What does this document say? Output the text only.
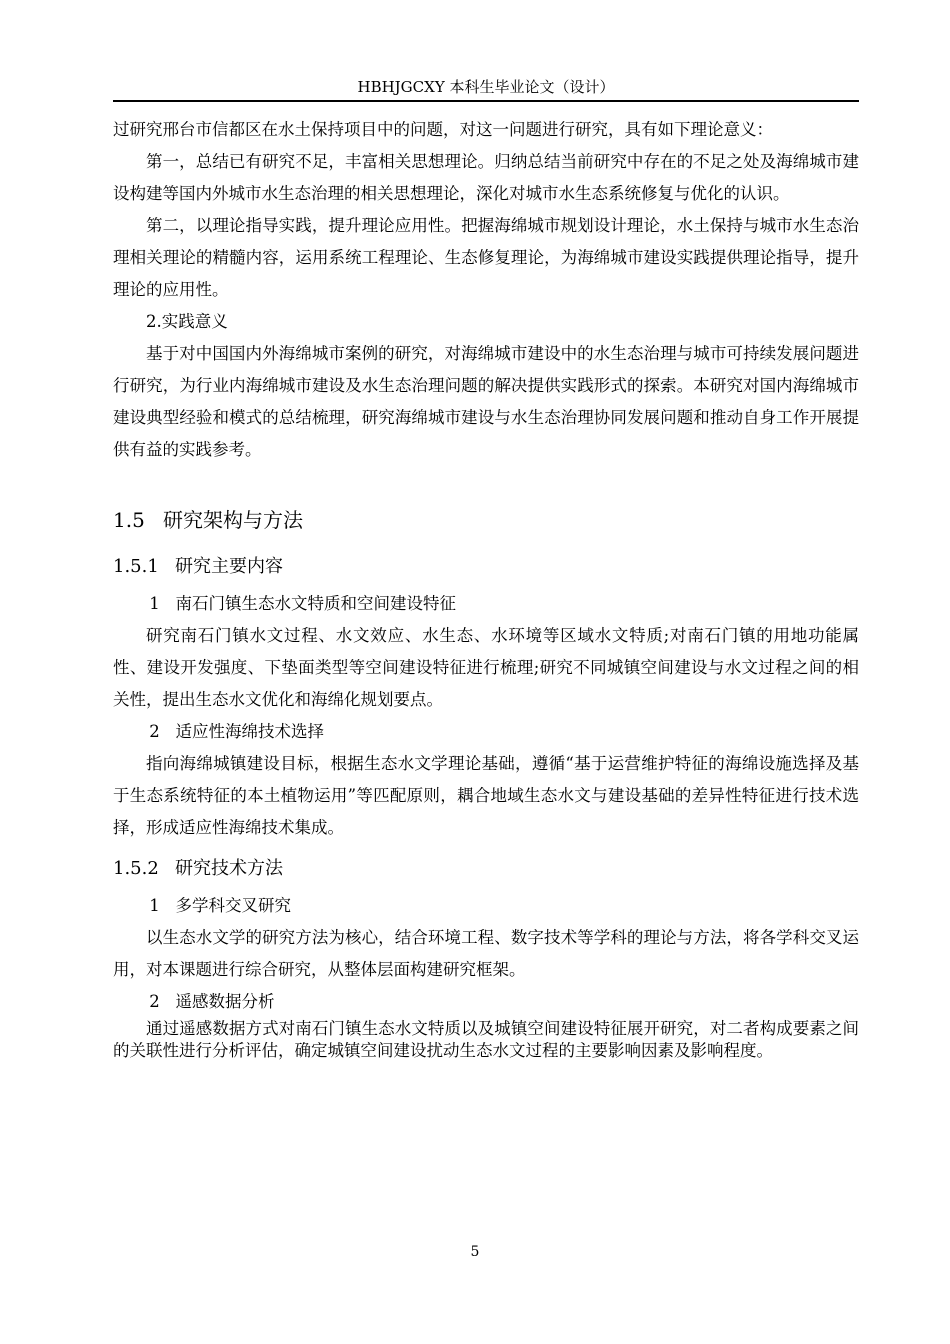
HBHJGCXY 本科生毕业论文（设计）

过研究邢台市信都区在水土保持项目中的问题，对这一问题进行研究，具有如下理论意义：

第一，总结已有研究不足，丰富相关思想理论。归纳总结当前研究中存在的不足之处及海绵城市建设构建等国内外城市水生态治理的相关思想理论，深化对城市水生态系统修复与优化的认识。

第二，以理论指导实践，提升理论应用性。把握海绵城市规划设计理论，水土保持与城市水生态治理相关理论的精髓内容，运用系统工程理论、生态修复理论，为海绵城市建设实践提供理论指导，提升理论的应用性。

2.实践意义

基于对中国国内外海绵城市案例的研究，对海绵城市建设中的水生态治理与城市可持续发展问题进行研究，为行业内海绵城市建设及水生态治理问题的解决提供实践形式的探索。本研究对国内海绵城市建设典型经验和模式的总结梳理，研究海绵城市建设与水生态治理协同发展问题和推动自身工作开展提供有益的实践参考。

1.5 研究架构与方法
1.5.1 研究主要内容

1 南石门镇生态水文特质和空间建设特征

研究南石门镇水文过程、水文效应、水生态、水环境等区域水文特质;对南石门镇的用地功能属性、建设开发强度、下垫面类型等空间建设特征进行梳理;研究不同城镇空间建设与水文过程之间的相关性，提出生态水文优化和海绵化规划要点。

2 适应性海绵技术选择

指向海绵城镇建设目标，根据生态水文学理论基础，遵循“基于运营维护特征的海绵设施选择及基于生态系统特征的本土植物运用”等匹配原则，耦合地域生态水文与建设基础的差异性特征进行技术选择，形成适应性海绵技术集成。

1.5.2 研究技术方法

1 多学科交叉研究

以生态水文学的研究方法为核心，结合环境工程、数字技术等学科的理论与方法，将各学科交叉运用，对本课题进行综合研究，从整体层面构建研究框架。

2 遥感数据分析

通过遥感数据方式对南石门镇生态水文特质以及城镇空间建设特征展开研究，对二者构成要素之间的关联性进行分析评估，确定城镇空间建设扰动生态水文过程的主要影响因素及影响程度。

5
